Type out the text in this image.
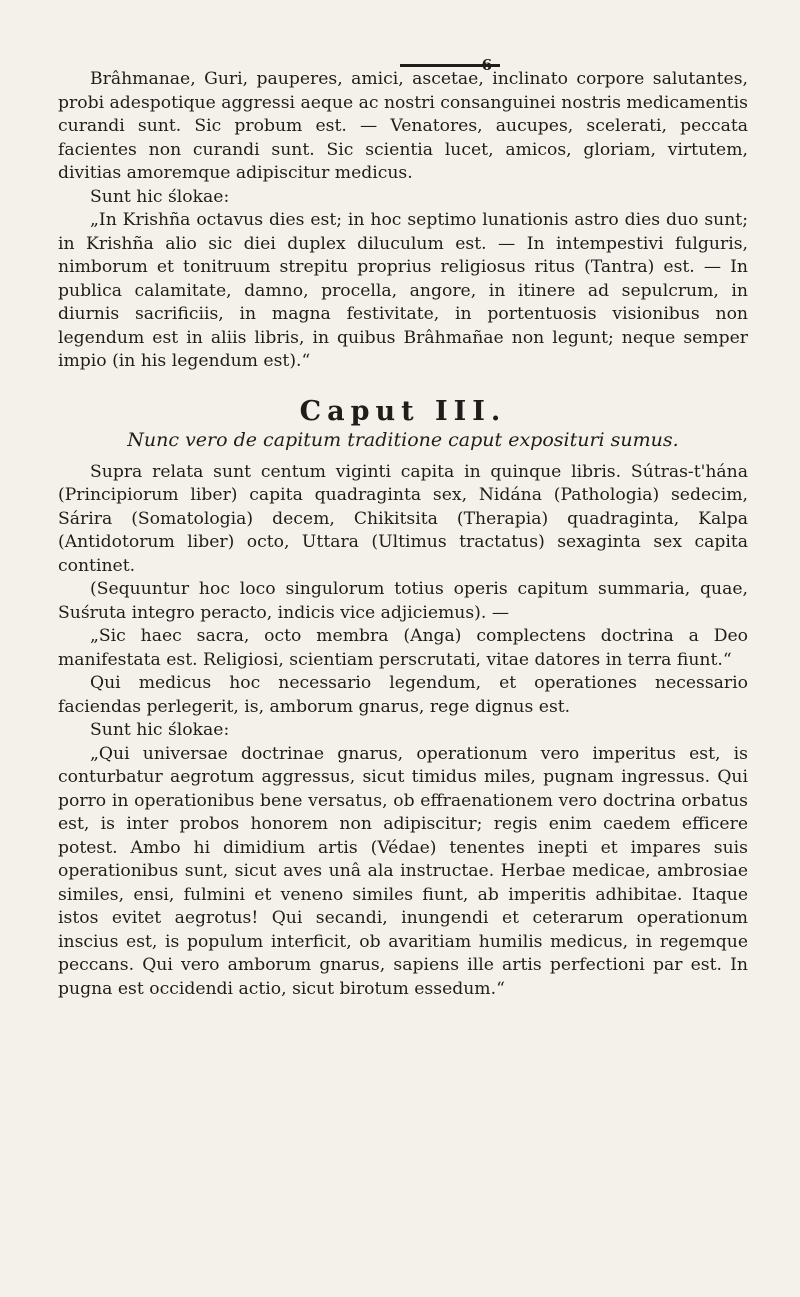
Brâhmanae, Guri, pauperes, amici, ascetae, inclinato corpore salutantes, probi adespotique aggressi aeque ac nostri consanguinei nostris medicamentis curandi sunt. Sic probum est. — Venatores, aucupes, scelerati, peccata facientes non curandi sunt. Sic scientia lucet, amicos, gloriam, virtutem, divitias amoremque adipiscitur medicus.

Sunt hic ślokae:

„In Krishña octavus dies est; in hoc septimo lunationis astro dies duo sunt; in Krishña alio sic diei duplex diluculum est. — In intempestivi fulguris, nimborum et tonitruum strepitu proprius religiosus ritus (Tantra) est. — In publica calamitate, damno, procella, angore, in itinere ad sepulcrum, in diurnis sacrificiis, in magna festivitate, in portentuosis visionibus non legendum est in aliis libris, in quibus Brâhmañae non legunt; neque semper impio (in his legendum est).“

Caput III.

Nunc vero de capitum traditione caput exposituri sumus.

Supra relata sunt centum viginti capita in quinque libris. Sútras-t'hána (Principiorum liber) capita quadraginta sex, Nidána (Pathologia) sedecim, Sárira (Somatologia) decem, Chikitsita (Therapia) quadraginta, Kalpa (Antidotorum liber) octo, Uttara (Ultimus tractatus) sexaginta sex capita continet.

(Sequuntur hoc loco singulorum totius operis capitum summaria, quae, Suśruta integro peracto, indicis vice adjiciemus). —

„Sic haec sacra, octo membra (Anga) complectens doctrina a Deo manifestata est. Religiosi, scientiam perscrutati, vitae datores in terra fiunt.“

Qui medicus hoc necessario legendum, et operationes necessario faciendas perlegerit, is, amborum gnarus, rege dignus est.

Sunt hic ślokae:

„Qui universae doctrinae gnarus, operationum vero imperitus est, is conturbatur aegrotum aggressus, sicut timidus miles, pugnam ingressus. Qui porro in operationibus bene versatus, ob effraenationem vero doctrina orbatus est, is inter probos honorem non adipiscitur; regis enim caedem efficere potest. Ambo hi dimidium artis (Védae) tenentes inepti et impares suis operationibus sunt, sicut aves unâ ala instructae. Herbae medicae, ambrosiae similes, ensi, fulmini et veneno similes fiunt, ab imperitis adhibitae. Itaque istos evitet aegrotus! Qui secandi, inungendi et ceterarum operationum inscius est, is populum interficit, ob avaritiam humilis medicus, in regemque peccans. Qui vero amborum gnarus, sapiens ille artis perfectioni par est. In pugna est occidendi actio, sicut birotum essedum.“
